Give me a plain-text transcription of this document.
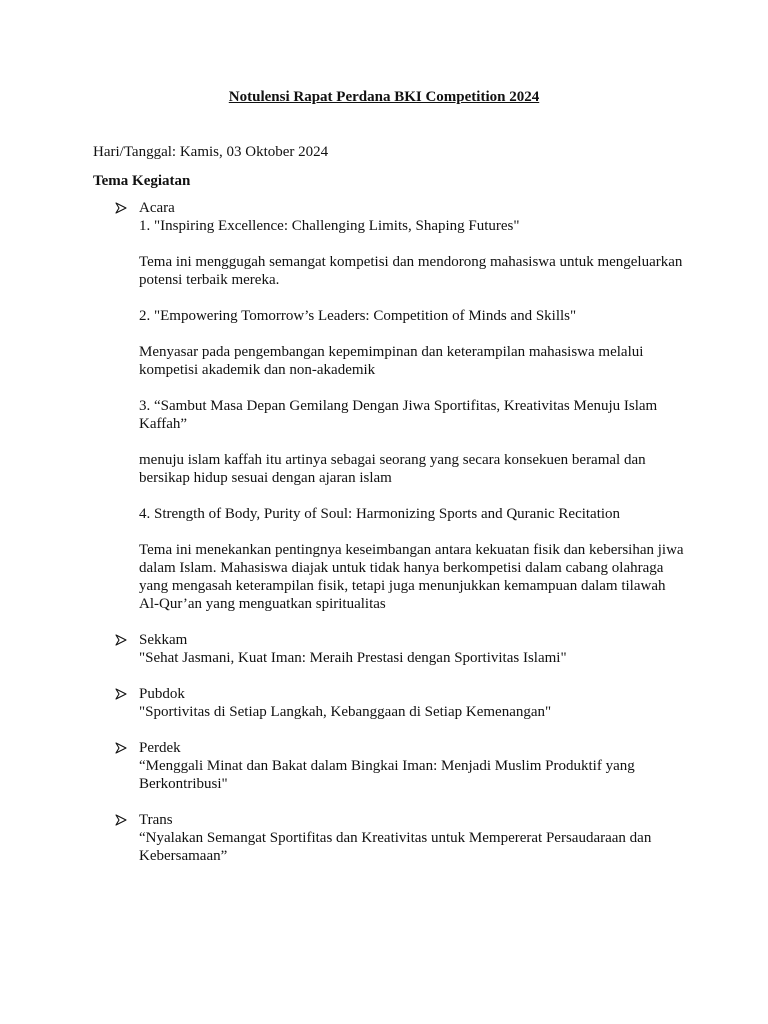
Notulensi Rapat Perdana BKI Competition 2024
Hari/Tanggal: Kamis, 03 Oktober 2024
Tema Kegiatan
Acara
1. "Inspiring Excellence: Challenging Limits, Shaping Futures"
Tema ini menggugah semangat kompetisi dan mendorong mahasiswa untuk mengeluarkan potensi terbaik mereka.
2. "Empowering Tomorrow’s Leaders: Competition of Minds and Skills"
Menyasar pada pengembangan kepemimpinan dan keterampilan mahasiswa melalui kompetisi akademik dan non-akademik
3. “Sambut Masa Depan Gemilang Dengan Jiwa Sportifitas, Kreativitas Menuju Islam Kaffah”
menuju islam kaffah itu artinya sebagai seorang yang secara konsekuen beramal dan bersikap hidup sesuai dengan ajaran islam
4. Strength of Body, Purity of Soul: Harmonizing Sports and Quranic Recitation
Tema ini menekankan pentingnya keseimbangan antara kekuatan fisik dan kebersihan jiwa dalam Islam. Mahasiswa diajak untuk tidak hanya berkompetisi dalam cabang olahraga yang mengasah keterampilan fisik, tetapi juga menunjukkan kemampuan dalam tilawah Al-Qur’an yang menguatkan spiritualitas
Sekkam
"Sehat Jasmani, Kuat Iman: Meraih Prestasi dengan Sportivitas Islami"
Pubdok
"Sportivitas di Setiap Langkah, Kebanggaan di Setiap Kemenangan"
Perdek
“Menggali Minat dan Bakat dalam Bingkai Iman: Menjadi Muslim Produktif yang Berkontribusi"
Trans
“Nyalakan Semangat Sportifitas dan Kreativitas untuk Mempererat Persaudaraan dan Kebersamaan”
